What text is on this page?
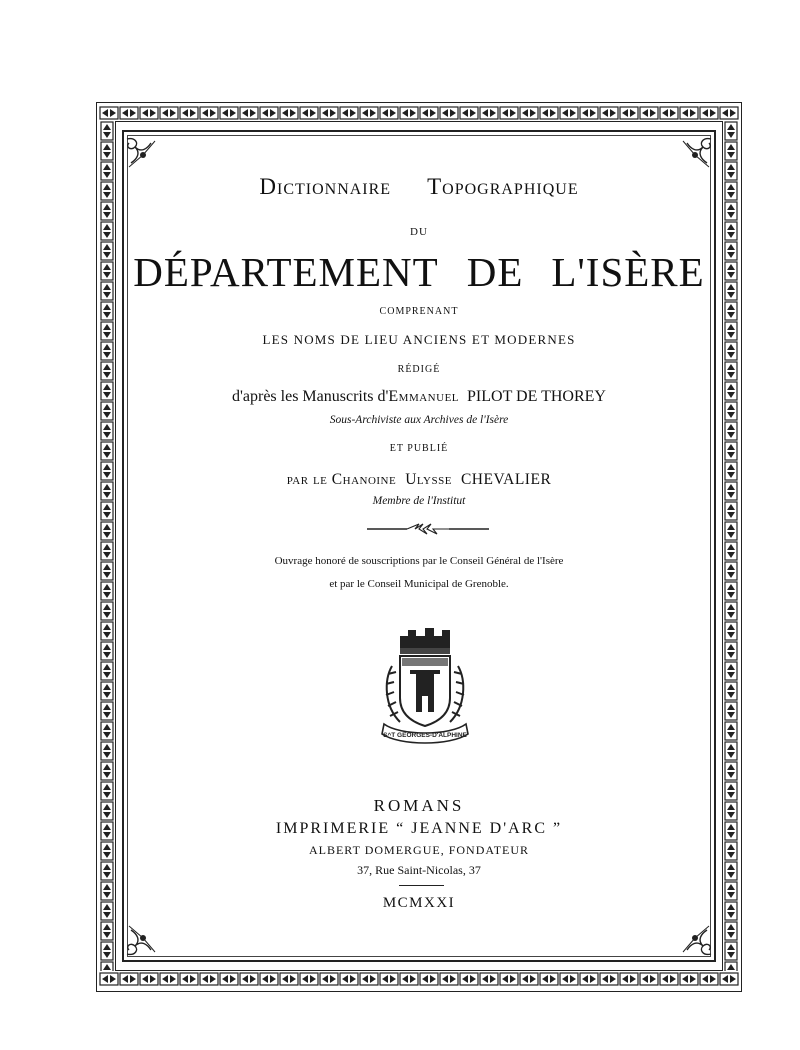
Dictionnaire Topographique
DU
DÉPARTEMENT DE L'ISÈRE
COMPRENANT
LES NOMS DE LIEU ANCIENS ET MODERNES
RÉDIGÉ
d'après les Manuscrits d'Emmanuel PILOT DE THOREY
Sous-Archiviste aux Archives de l'Isère
ET PUBLIÉ
par le Chanoine Ulysse CHEVALIER
Membre de l'Institut
Ouvrage honoré de souscriptions par le Conseil Général de l'Isère
et par le Conseil Municipal de Grenoble.
S^T GEORGES-D'ALPHINE
ROMANS
IMPRIMERIE “ JEANNE D'ARC ”
ALBERT DOMERGUE, FONDATEUR
37, Rue Saint-Nicolas, 37
MCMXXI
